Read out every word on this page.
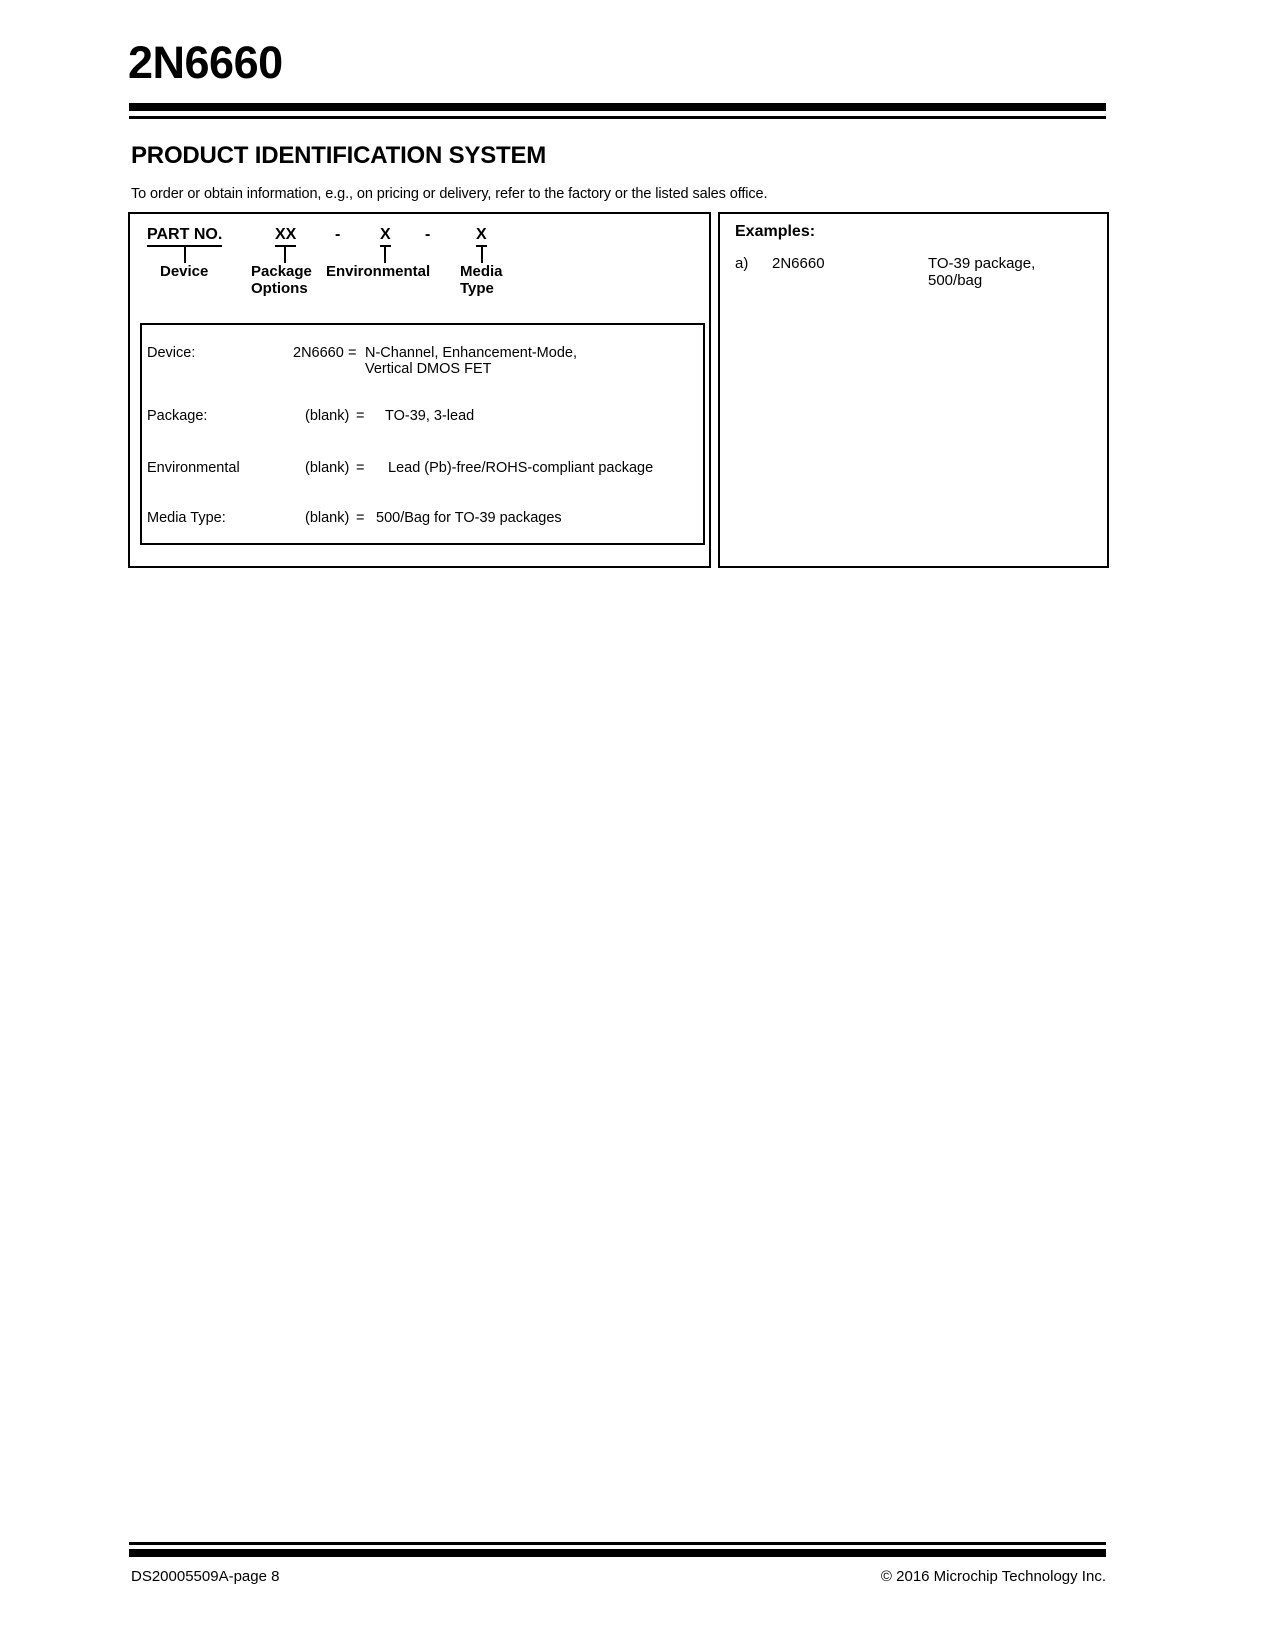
2N6660
PRODUCT IDENTIFICATION SYSTEM
To order or obtain information, e.g., on pricing or delivery, refer to the factory or the listed sales office.
PART NO.	XX - X -	X
Device	Package
Options
Environmental Media
Type
Device:	2N6660 = N-Channel, Enhancement-Mode,
Vertical DMOS FET
Package:	(blank) = TO-39, 3-lead
Environmental	(blank) = Lead (Pb)-free/ROHS-compliant package
Media Type:	(blank) = 500/Bag for TO-39 packages
Examples:
a) 2N6660	TO-39 package,
500/bag
DS20005509A-page 8	© 2016 Microchip Technology Inc.
